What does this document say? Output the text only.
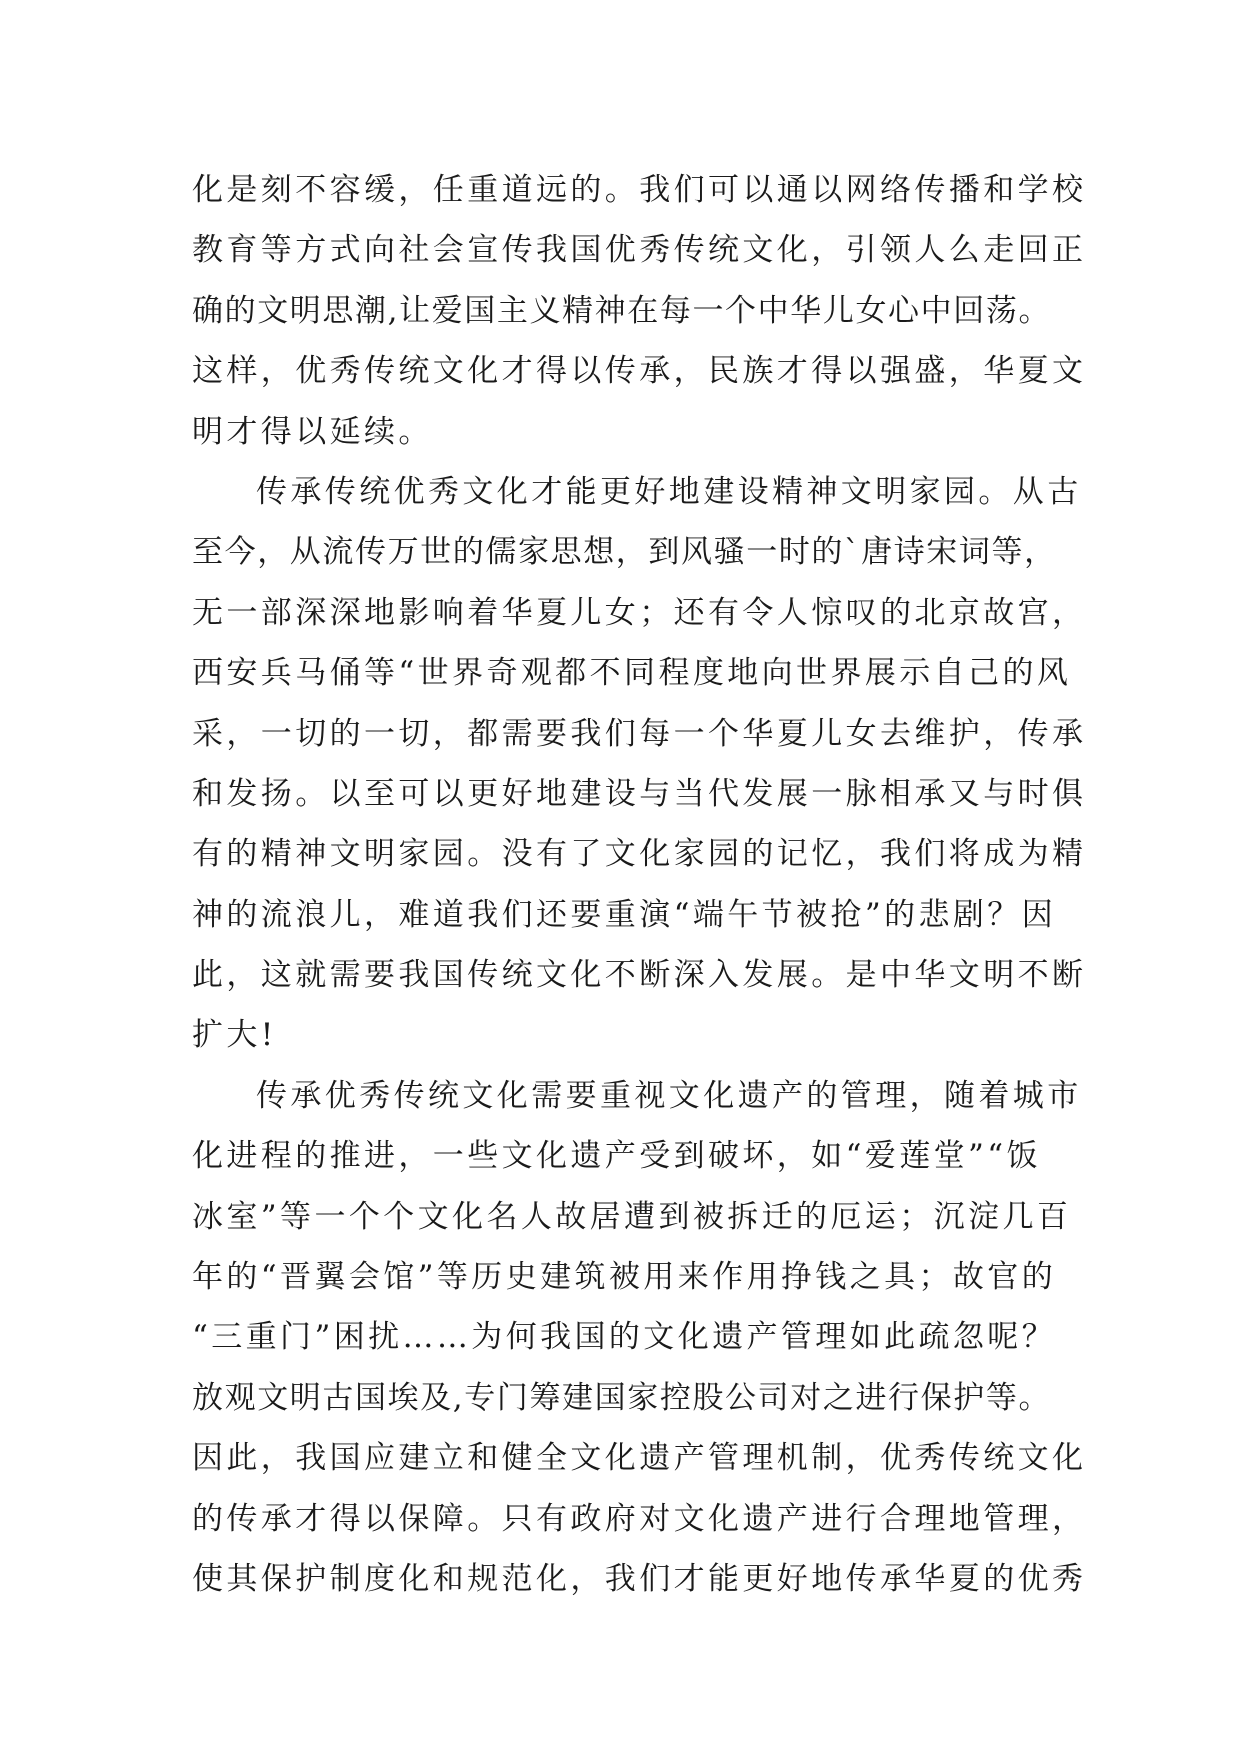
化是刻不容缓，任重道远的。我们可以通以网络传播和学校
教育等方式向社会宣传我国优秀传统文化，引领人么走回正
确的文明思潮,让爱国主义精神在每一个中华儿女心中回荡。
这样，优秀传统文化才得以传承，民族才得以强盛，华夏文
明才得以延续。
传承传统优秀文化才能更好地建设精神文明家园。从古
至今，从流传万世的儒家思想，到风骚一时的`唐诗宋词等，
无一部深深地影响着华夏儿女；还有令人惊叹的北京故宫，
西安兵马俑等“世界奇观都不同程度地向世界展示自己的风
采，一切的一切，都需要我们每一个华夏儿女去维护，传承
和发扬。以至可以更好地建设与当代发展一脉相承又与时俱
有的精神文明家园。没有了文化家园的记忆，我们将成为精
神的流浪儿，难道我们还要重演“端午节被抢”的悲剧？因
此，这就需要我国传统文化不断深入发展。是中华文明不断
扩大!
传承优秀传统文化需要重视文化遗产的管理，随着城市
化进程的推进，一些文化遗产受到破坏，如“爱莲堂”“饭
冰室”等一个个文化名人故居遭到被拆迁的厄运；沉淀几百
年的“晋翼会馆”等历史建筑被用来作用挣钱之具；故官的
“三重门”困扰……为何我国的文化遗产管理如此疏忽呢？
放观文明古国埃及,专门筹建国家控股公司对之进行保护等。
因此，我国应建立和健全文化遗产管理机制，优秀传统文化
的传承才得以保障。只有政府对文化遗产进行合理地管理，
使其保护制度化和规范化，我们才能更好地传承华夏的优秀
